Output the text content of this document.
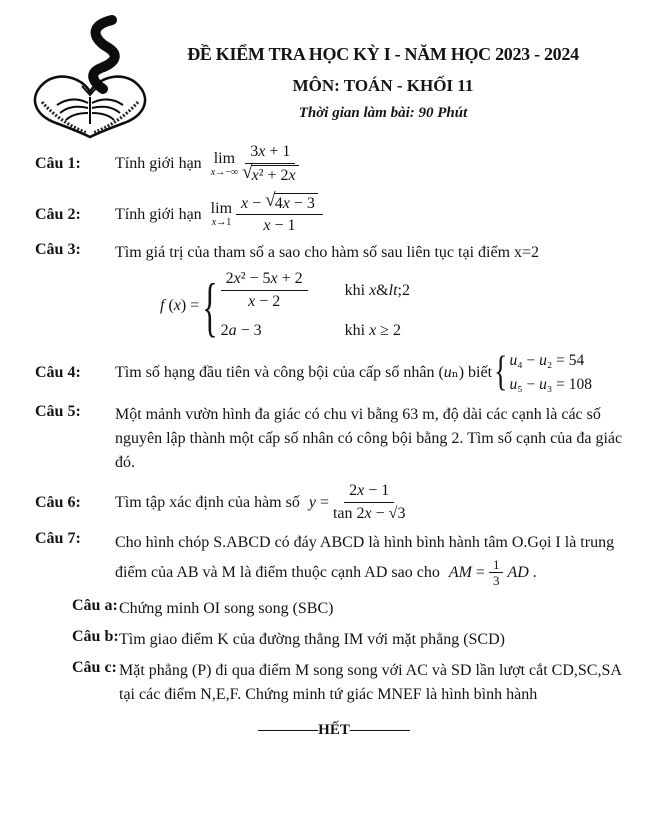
ĐỀ KIỂM TRA HỌC KỲ I - NĂM HỌC 2023 - 2024
MÔN: TOÁN - KHỐI 11
Thời gian làm bài: 90 Phút
Câu 1:	Tính giới hạn lim
$x\to-\infty \frac{3x + 1}{\text{√ x² + 2x}}$
Câu 2:	Tính giới hạn lim
$x\to 1 \frac{x - √ 4x - 3}{x - 1}$
Câu 3:	Tìm giá trị của tham số a sao cho hàm số sau liên tục tại điểm x=2

f (x) = { $\frac{\text{2x² − 5x + 2}}{x - 2}$ khi x&lt;2
2a − 3	khi x ≥ 2
Câu 4:	Tìm số hạng đầu tiên và công bội của cấp số nhân (uₙ) biết { u₄ − u₂ = 54
u₅ − u₃ = 108
Câu 5:	Một mảnh vườn hình đa giác có chu vi bằng 63 m, độ dài các cạnh là các số nguyên lập thành một cấp số nhân có công bội bằng 2. Tìm số cạnh của đa giác đó.

Câu 6:	Tìm tập xác định của hàm số $y = \frac{2x - 1}{\tan 2x - √3}$
Câu 7:	Cho hình chóp S.ABCD có đáy ABCD là hình bình hành tâm O.Gọi I là trung điểm của AB và M là điểm thuộc cạnh AD sao cho AM = $\frac{1}{3}$ AD .
Câu a: Chứng minh OI song song (SBC)
Câu b: Tìm giao điểm K của đường thẳng IM với mặt phẳng (SCD)
Câu c: Mặt phẳng (P) đi qua điểm M song song với AC và SD lần lượt cắt CD,SC,SA tại các điểm N,E,F. Chứng minh tứ giác MNEF là hình bình hành
————HẾT————
